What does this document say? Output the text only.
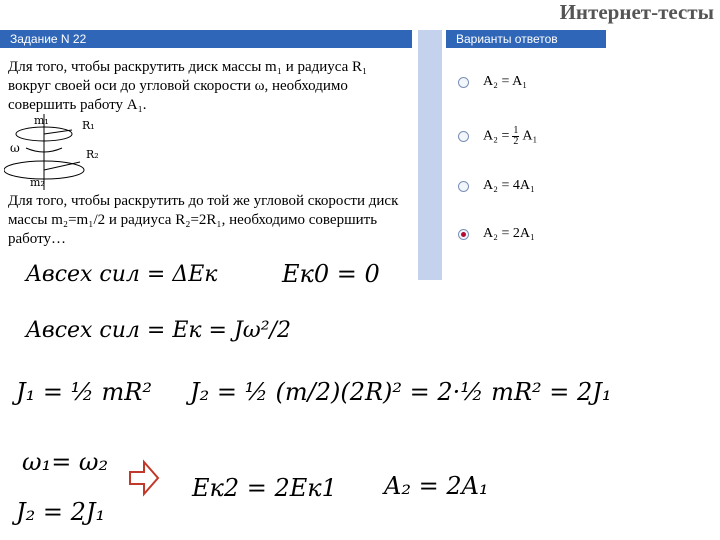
Интернет-тесты
Задание N 22	Варианты ответов
Для того, чтобы раскрутить диск массы m₁ и радиуса R₁ вокруг своей оси до угловой скорости ω, необходимо совершить работу A₁.
m₁	R₁
ω	R₂
m₂
Для того, чтобы раскрутить до той же угловой скорости диск массы m₂=m₁/2 и радиуса R₂=2R₁, необходимо совершить работу…
A₂ = A₁
$A_2 = \frac{1}{2} A_1$
A₂ = 4A₁
A₂ = 2A₁
Aвсех сил = ΔEк	Eк0 = 0
Aвсех сил = Eк = Jω²/2
J₁ = ½ mR² J₂ = ½ (m/2)(2R)² = 2·½ mR² = 2J₁
ω₁= ω₂
J₂ = 2J₁
Eк2 = 2Eк1 A₂ = 2A₁
